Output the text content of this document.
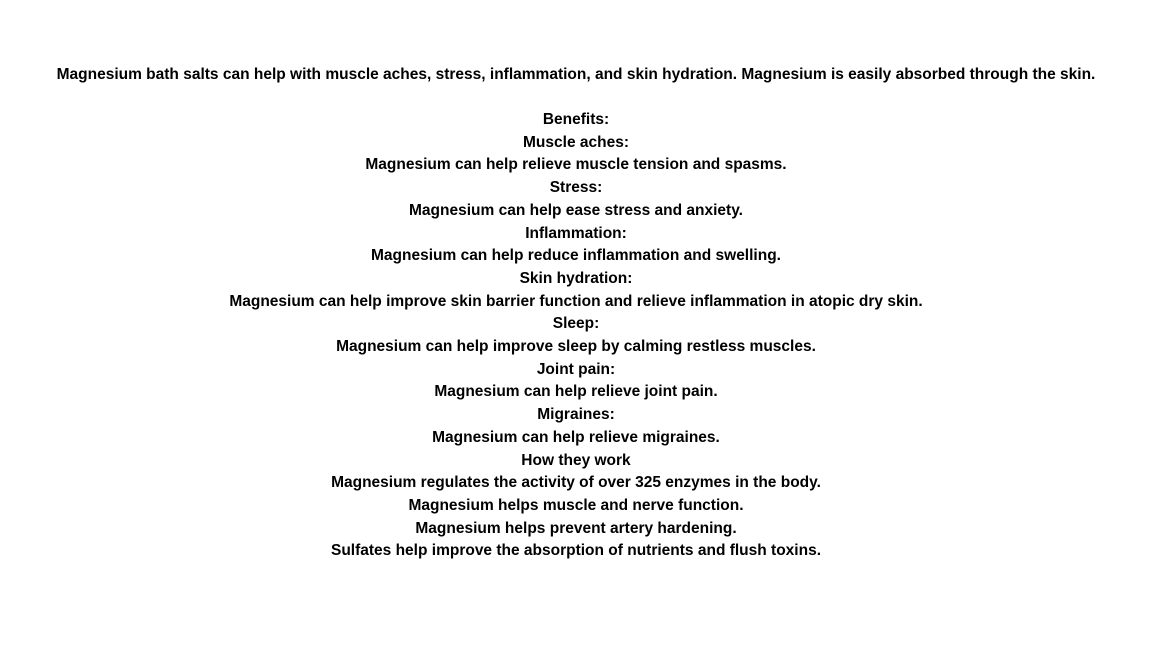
Magnesium bath salts can help with muscle aches, stress, inflammation, and skin hydration. Magnesium is easily absorbed through the skin.
Benefits:
Muscle aches:
Magnesium can help relieve muscle tension and spasms.
Stress:
Magnesium can help ease stress and anxiety.
Inflammation:
Magnesium can help reduce inflammation and swelling.
Skin hydration:
Magnesium can help improve skin barrier function and relieve inflammation in atopic dry skin.
Sleep:
Magnesium can help improve sleep by calming restless muscles.
Joint pain:
Magnesium can help relieve joint pain.
Migraines:
Magnesium can help relieve migraines.
How they work
Magnesium regulates the activity of over 325 enzymes in the body.
Magnesium helps muscle and nerve function.
Magnesium helps prevent artery hardening.
Sulfates help improve the absorption of nutrients and flush toxins.
